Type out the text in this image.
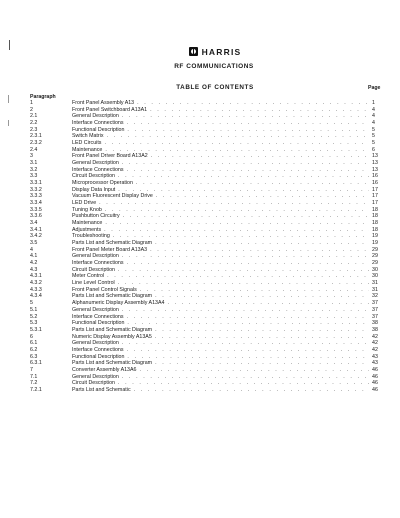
HARRIS
RF COMMUNICATIONS
TABLE OF CONTENTS	Page
Paragraph
1	Front Panel Assembly A13 . . .	1
2	Front Panel Switchboard A13A1 . . .	4
2.1	General Description . . .	4
2.2	Interface Connections . . .	4
2.3	Functional Description . . .	5
2.3.1	Switch Matrix . . .	5
2.3.2	LED Circuits . . .	5
2.4	Maintenance . . .	6
3	Front Panel Driver Board A13A2 . . .	13
3.1	General Description . . .	13
3.2	Interface Connections . . .	13
3.3	Circuit Description . . .	16
3.3.1	Microprocessor Operation . . .	16
3.3.2	Display Data Input . . .	17
3.3.3	Vacuum Fluorescent Display Drive . . .	17
3.3.4	LED Drive . . .	17
3.3.5	Tuning Knob . . .	18
3.3.6	Pushbutton Circuitry . . .	18
3.4	Maintenance . . .	18
3.4.1	Adjustments . . .	18
3.4.2	Troubleshooting . . .	19
3.5	Parts List and Schematic Diagram . . .	19
4	Front Panel Meter Board A13A3 . . .	29
4.1	General Description . . .	29
4.2	Interface Connections . . .	29
4.3	Circuit Description . . .	30
4.3.1	Meter Control . . .	30
4.3.2	Line Level Control . . .	31
4.3.3	Front Panel Control Signals . . .	31
4.3.4	Parts List and Schematic Diagram . . .	32
5	Alphanumeric Display Assembly A13A4 . . .	37
5.1	General Description . . .	37
5.2	Interface Connections . . .	37
5.3	Functional Description . . .	38
5.3.1	Parts List and Schematic Diagram . . .	38
6	Numeric Display Assembly A13A5 . . .	42
6.1	General Description . . .	42
6.2	Interface Connections . . .	42
6.3	Functional Description . . .	43
6.3.1	Parts List and Schematic Diagram . . .	43
7	Converter Assembly A13A6 . . .	46
7.1	General Description . . .	46
7.2	Circuit Description . . .	46
7.2.1	Parts List and Schematic . . .	46
